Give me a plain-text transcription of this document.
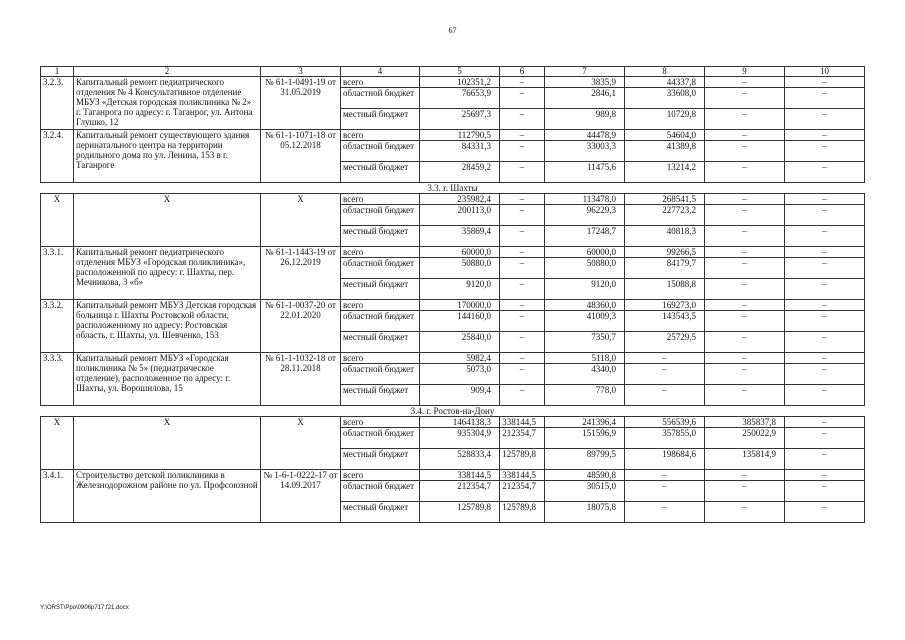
67
1	2	3	4	5	6	7	8	9	10
3.2.3.	Капитальный ремонт педиатрического отделения № 4 Консультативное отделение МБУЗ «Детская городская поликлиника № 2» г. Таганрога по адресу: г. Таганрог, ул. Антона Глушко, 12	№ 61-1-0491-19 от 31.05.2019	всего	102351,2	–	3835,9	44337,8	–	–
			областной бюджет	76653,9	–	2846,1	33608,0	–	–
			местный бюджет	25697,3	–	989,8	10729,8	–	–
3.2.4.	Капитальный ремонт существующего здания перинатального центра на территории родильного дома по ул. Ленина, 153 в г. Таганроге	№ 61-1-1071-18 от 05.12.2018	всего	112790,5	–	44478,9	54604,0	–	–
			областной бюджет	84331,3	–	33003,3	41389,8	–	–
			местный бюджет	28459,2	–	11475,6	13214,2	–	–
3.3. г. Шахты									
Х	Х	Х	всего	235982,4	–	113478,0	268541,5	–	–
			областной бюджет	200113,0	–	96229,3	227723,2	–	–
			местный бюджет	35869,4	–	17248,7	40818,3	–	–
3.3.1.	Капитальный ремонт педиатрического отделения МБУЗ «Городская поликлиника», расположенной по адресу: г. Шахты, пер. Мечникова, 3 «б»	№ 61-1-1443-19 от 26.12.2019	всего	60000,0	–	60000,0	99266,5	–	–
			областной бюджет	50880,0	–	50880,0	84179,7	–	–
			местный бюджет	9120,0	–	9120,0	15088,8	–	–
3.3.2.	Капитальный ремонт МБУЗ Детская городская больница г. Шахты Ростовской области, расположенному по адресу: Ростовская область, г. Шахты, ул. Шевченко, 153	№ 61-1-0037-20 от 22.01.2020	всего	170000,0	–	48360,0	169273,0	–	–
			областной бюджет	144160,0	–	41009,3	143543,5	–	–
			местный бюджет	25840,0	–	7350,7	25729,5	–	–
3.3.3.	Капитальный ремонт МБУЗ «Городская поликлиника № 5» (педиатрическое отделение), расположенное по адресу: г. Шахты, ул. Ворошилова, 15	№ 61-1-1032-18 от 28.11.2018	всего	5982,4	–	5118,0	–	–	–
			областной бюджет	5073,0	–	4340,0	–	–	–
			местный бюджет	909,4	–	778,0	–	–	–
3.4. г. Ростов-на-Дону									
Х	Х	Х	всего	1464138,3	338144,5	241396,4	556539,6	385837,8	–
			областной бюджет	935304,9	212354,7	151596,9	357855,0	250022,9	–
			местный бюджет	528833,4	125789,8	89799,5	198684,6	135814,9	–
3.4.1.	Строительство детской поликлиники в Железнодорожном районе по ул. Профсоюзной	№ 1-6-1-0222-17 от 14.09.2017	всего	338144,5	338144,5	48590,8	–	–	–
			областной бюджет	212354,7	212354,7	30515,0	–	–	–
			местный бюджет	125789,8	125789,8	18075,8	–	–	–
Y:\ORST\Ppo\0906p717.f21.docx
